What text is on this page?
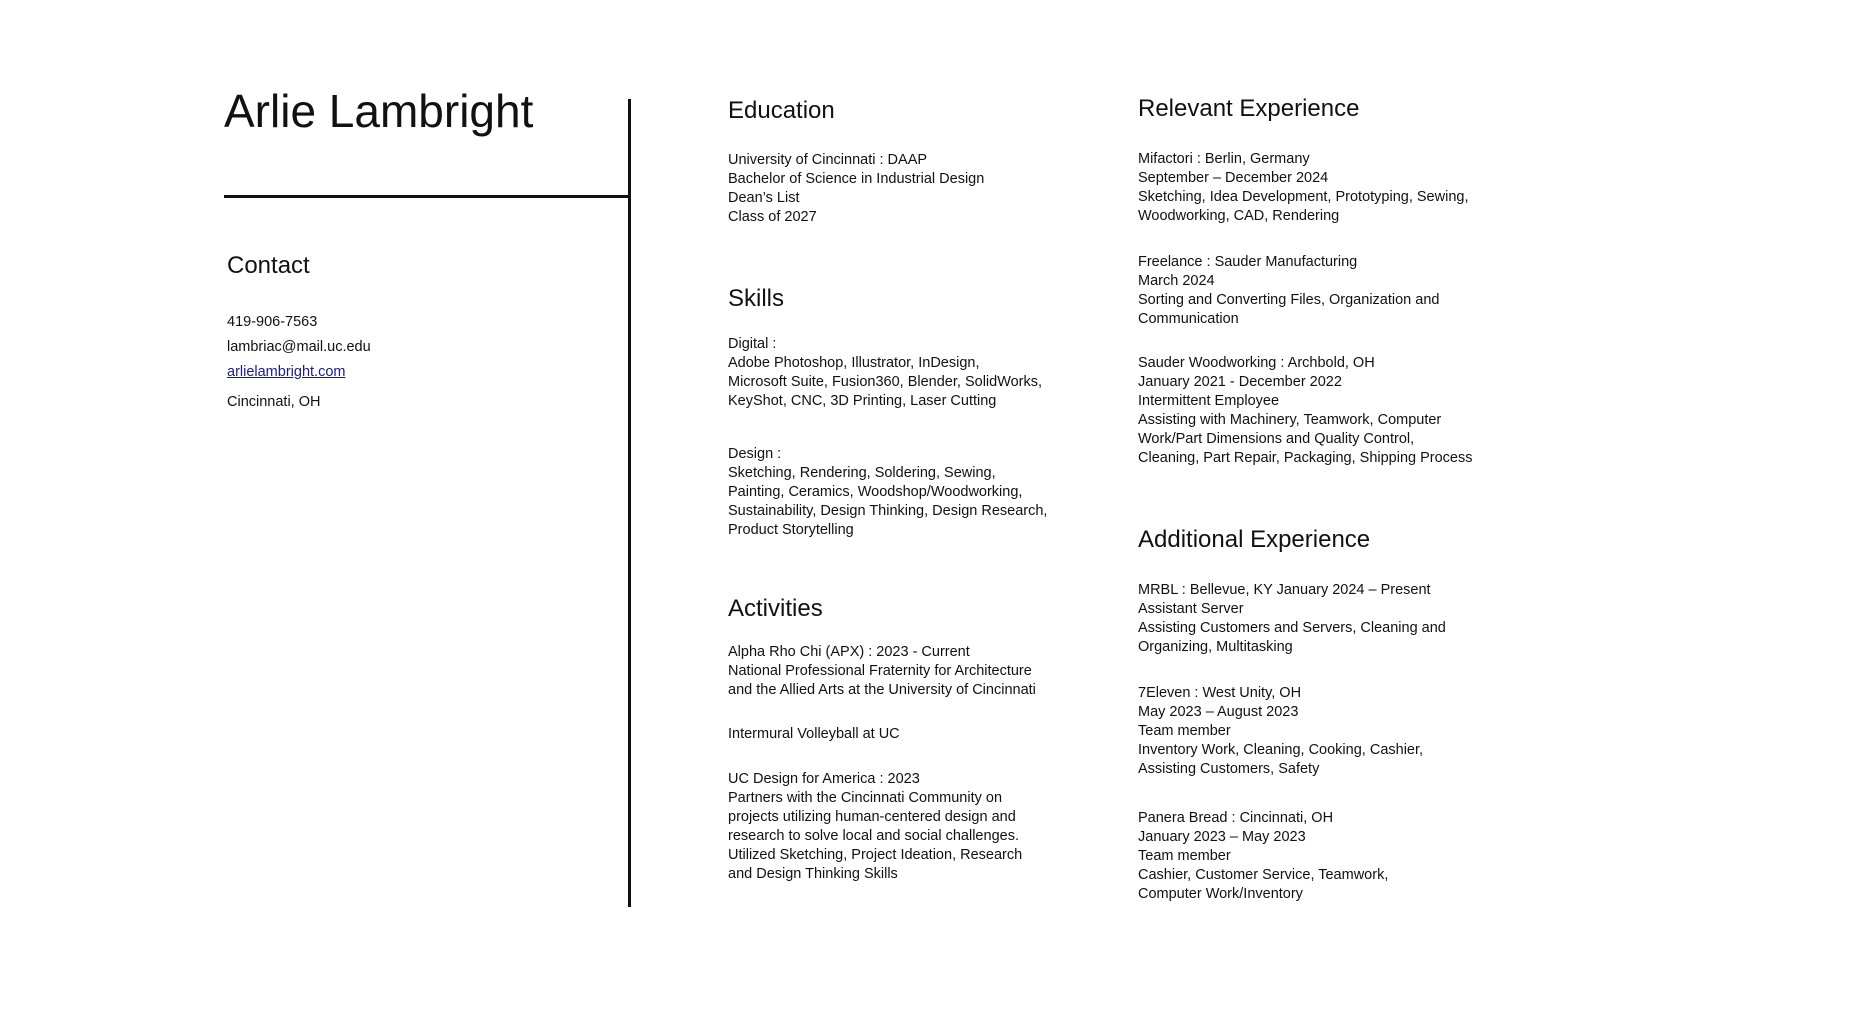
Arlie Lambright
Contact
419-906-7563
lambriac@mail.uc.edu
arlielambright.com
Cincinnati, OH
Education
University of Cincinnati : DAAP
Bachelor of Science in Industrial Design
Dean’s List
Class of 2027
Skills
Digital :
Adobe Photoshop, Illustrator, InDesign,
Microsoft Suite, Fusion360, Blender, SolidWorks,
KeyShot, CNC, 3D Printing, Laser Cutting
Design :
Sketching, Rendering, Soldering, Sewing,
Painting, Ceramics, Woodshop/Woodworking,
Sustainability, Design Thinking, Design Research,
Product Storytelling
Activities
Alpha Rho Chi (APX) : 2023 - Current
National Professional Fraternity for Architecture
and the Allied Arts at the University of Cincinnati
Intermural Volleyball at UC
UC Design for America : 2023
Partners with the Cincinnati Community on
projects utilizing human-centered design and
research to solve local and social challenges.
Utilized Sketching, Project Ideation, Research
and Design Thinking Skills
Relevant Experience
Mifactori : Berlin, Germany
September – December 2024
Sketching, Idea Development, Prototyping, Sewing,
Woodworking, CAD, Rendering
Freelance : Sauder Manufacturing
March 2024
Sorting and Converting Files, Organization and
Communication
Sauder Woodworking : Archbold, OH
January 2021 - December 2022
Intermittent Employee
Assisting with Machinery, Teamwork, Computer
Work/Part Dimensions and Quality Control,
Cleaning, Part Repair, Packaging, Shipping Process
Additional Experience
MRBL : Bellevue, KY January 2024 – Present
Assistant Server
Assisting Customers and Servers, Cleaning and
Organizing, Multitasking
7Eleven : West Unity, OH
May 2023 – August 2023
Team member
Inventory Work, Cleaning, Cooking, Cashier,
Assisting Customers, Safety
Panera Bread : Cincinnati, OH
January 2023 – May 2023
Team member
Cashier, Customer Service, Teamwork,
Computer Work/Inventory
